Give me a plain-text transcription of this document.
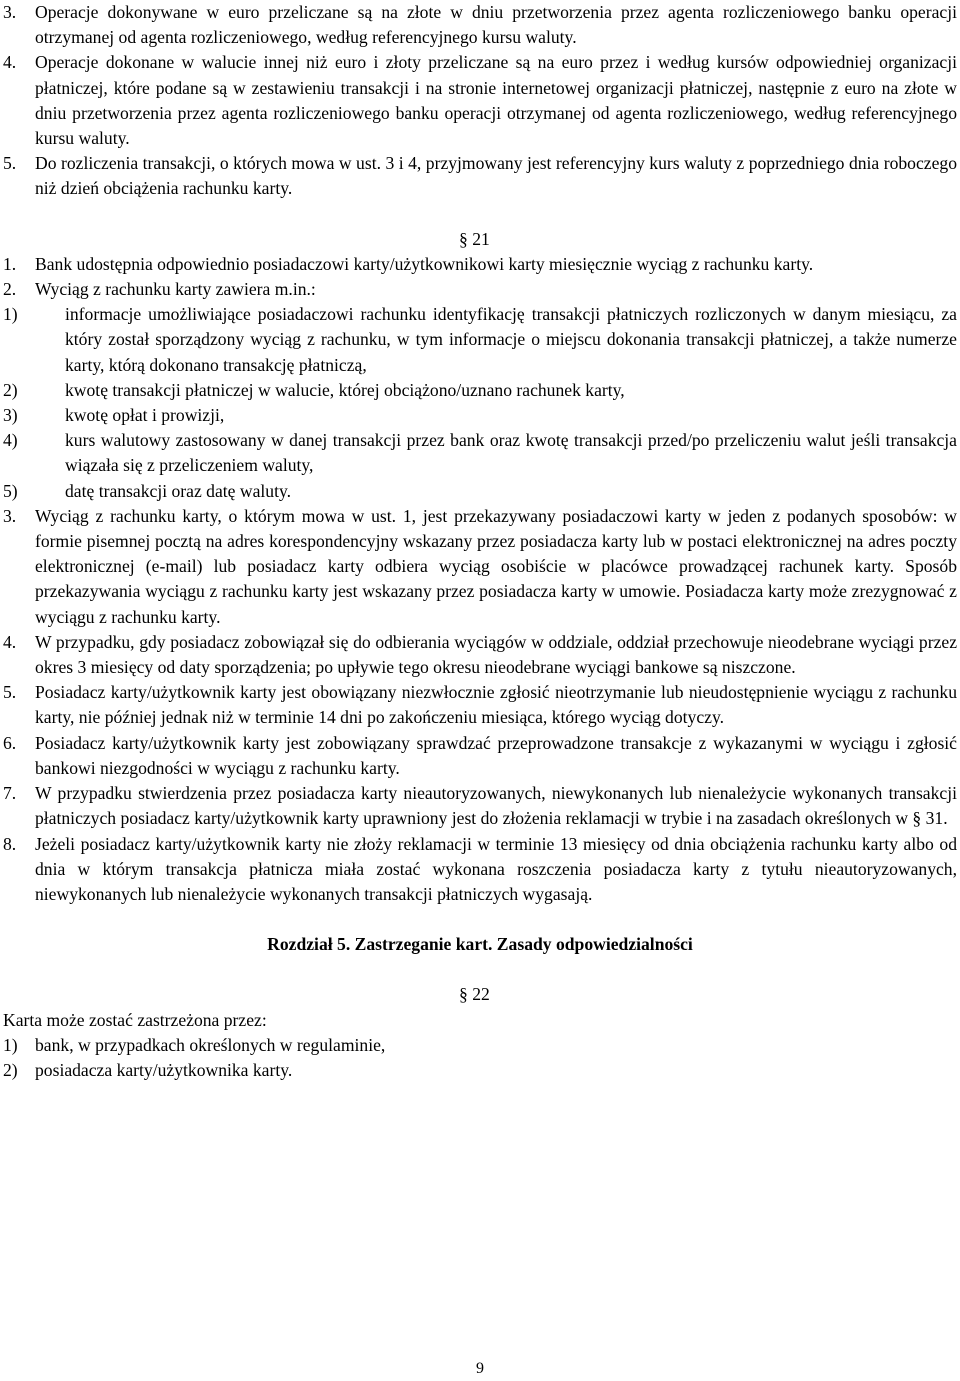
3. Operacje dokonywane w euro przeliczane są na złote w dniu przetworzenia przez agenta rozliczeniowego banku operacji otrzymanej od agenta rozliczeniowego, według referencyjnego kursu waluty.
4. Operacje dokonane w walucie innej niż euro i złoty przeliczane są na euro przez i według kursów odpowiedniej organizacji płatniczej, które podane są w zestawieniu transakcji i na stronie internetowej organizacji płatniczej, następnie z euro na złote w dniu przetworzenia przez agenta rozliczeniowego banku operacji otrzymanej od agenta rozliczeniowego, według referencyjnego kursu waluty.
5. Do rozliczenia transakcji, o których mowa w ust. 3 i 4, przyjmowany jest referencyjny kurs waluty z poprzedniego dnia roboczego niż dzień obciążenia rachunku karty.
§ 21
1. Bank udostępnia odpowiednio posiadaczowi karty/użytkownikowi karty miesięcznie wyciąg z rachunku karty.
2. Wyciąg z rachunku karty zawiera m.in.:
1)	informacje umożliwiające posiadaczowi rachunku identyfikację transakcji płatniczych rozliczonych w danym miesiącu, za który został sporządzony wyciąg z rachunku, w tym informacje o miejscu dokonania transakcji płatniczej, a także numerze karty, którą dokonano transakcję płatniczą,
2)	kwotę transakcji płatniczej w walucie, której obciążono/uznano rachunek karty,
3)	kwotę opłat i prowizji,
4)	kurs walutowy zastosowany w danej transakcji przez bank oraz kwotę transakcji przed/po przeliczeniu walut jeśli transakcja wiązała się z przeliczeniem waluty,
5)	datę transakcji oraz datę waluty.
3. Wyciąg z rachunku karty, o którym mowa w ust. 1, jest przekazywany posiadaczowi karty w jeden z podanych sposobów: w formie pisemnej pocztą na adres korespondencyjny wskazany przez posiadacza karty lub w postaci elektronicznej na adres poczty elektronicznej (e-mail) lub posiadacz karty odbiera wyciąg osobiście w placówce prowadzącej rachunek karty. Sposób przekazywania wyciągu z rachunku karty jest wskazany przez posiadacza karty w umowie. Posiadacza karty może zrezygnować z wyciągu z rachunku karty.
4. W przypadku, gdy posiadacz zobowiązał się do odbierania wyciągów w oddziale, oddział przechowuje nieodebrane wyciągi przez okres 3 miesięcy od daty sporządzenia; po upływie tego okresu nieodebrane wyciągi bankowe są niszczone.
5. Posiadacz karty/użytkownik karty jest obowiązany niezwłocznie zgłosić nieotrzymanie lub nieudostępnienie wyciągu z rachunku karty, nie później jednak niż w terminie 14 dni po zakończeniu miesiąca, którego wyciąg dotyczy.
6. Posiadacz karty/użytkownik karty jest zobowiązany sprawdzać przeprowadzone transakcje z wykazanymi w wyciągu i zgłosić bankowi niezgodności w wyciągu z rachunku karty.
7. W przypadku stwierdzenia przez posiadacza karty nieautoryzowanych, niewykonanych lub nienależycie wykonanych transakcji płatniczych posiadacz karty/użytkownik karty uprawniony jest do złożenia reklamacji w trybie i na zasadach określonych w § 31.
8. Jeżeli posiadacz karty/użytkownik karty nie złoży reklamacji w terminie 13 miesięcy od dnia obciążenia rachunku karty albo od dnia w którym transakcja płatnicza miała zostać wykonana roszczenia posiadacza karty z tytułu nieautoryzowanych, niewykonanych lub nienależycie wykonanych transakcji płatniczych wygasają.
Rozdział 5. Zastrzeganie kart. Zasady odpowiedzialności
§ 22
Karta może zostać zastrzeżona przez:
1) bank, w przypadkach określonych w regulaminie,
2) posiadacza karty/użytkownika karty.
9
